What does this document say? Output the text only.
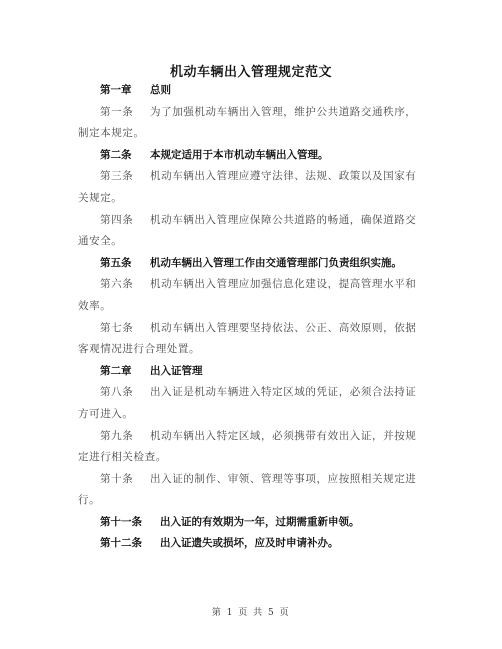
机动车辆出入管理规定范文
第一章 总则
第一条 为了加强机动车辆出入管理，维护公共道路交通秩序，
制定本规定。
第二条 本规定适用于本市机动车辆出入管理。
第三条 机动车辆出入管理应遵守法律、法规、政策以及国家有
关规定。
第四条 机动车辆出入管理应保障公共道路的畅通，确保道路交
通安全。
第五条 机动车辆出入管理工作由交通管理部门负责组织实施。
第六条 机动车辆出入管理应加强信息化建设，提高管理水平和
效率。
第七条 机动车辆出入管理要坚持依法、公正、高效原则，依据
客观情况进行合理处置。
第二章 出入证管理
第八条 出入证是机动车辆进入特定区域的凭证，必须合法持证
方可进入。
第九条 机动车辆出入特定区域，必须携带有效出入证，并按规
定进行相关检查。
第十条 出入证的制作、审领、管理等事项，应按照相关规定进
行。
第十一条 出入证的有效期为一年，过期需重新申领。
第十二条 出入证遗失或损坏，应及时申请补办。
第 1 页 共 5 页
